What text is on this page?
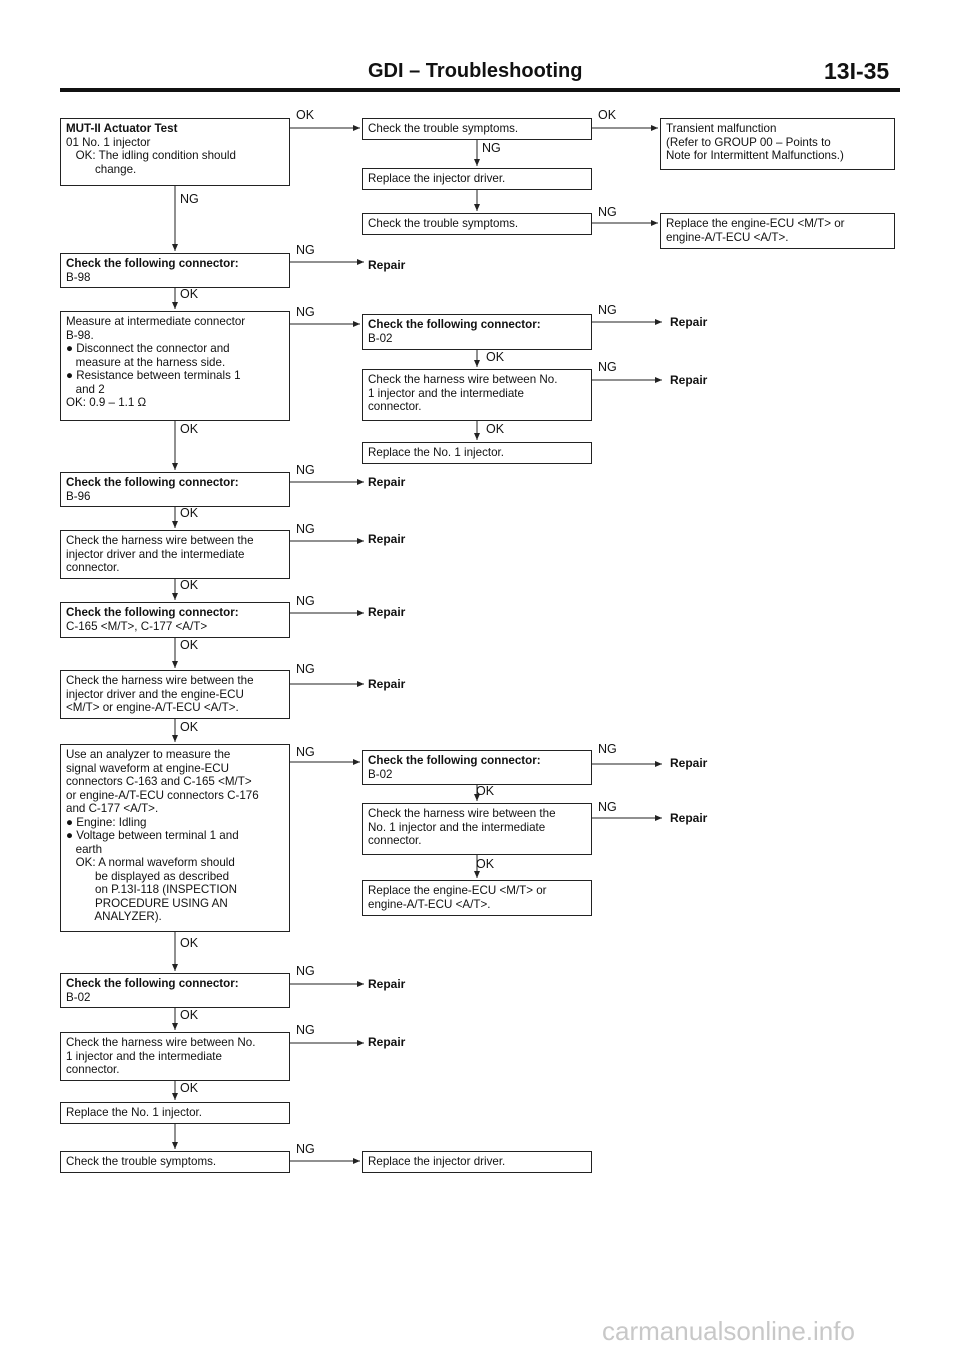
GDI – Troubleshooting	13I-35
MUT-II Actuator Test
01 No. 1 injector
OK: The idling condition should
change.
Check the trouble symptoms.	Transient malfunction
(Refer to GROUP 00 – Points to
Note for Intermittent Malfunctions.)
Replace the injector driver.
Check the trouble symptoms.	Replace the engine-ECU <M/T> or
engine-A/T-ECU <A/T>.
Check the following connector:
B-98
Measure at intermediate connector
B-98.
● Disconnect the connector and
measure at the harness side.
● Resistance between terminals 1
and 2
OK: 0.9 – 1.1 Ω
Check the following connector:
B-02
Check the harness wire between No.
1 injector and the intermediate
connector.
Replace the No. 1 injector.
Check the following connector:
B-96
Check the harness wire between the
injector driver and the intermediate
connector.
Check the following connector:
C-165 <M/T>, C-177 <A/T>
Check the harness wire between the
injector driver and the engine-ECU
<M/T> or engine-A/T-ECU <A/T>.
Use an analyzer to measure the
signal waveform at engine-ECU
connectors C-163 and C-165 <M/T>
or engine-A/T-ECU connectors C-176
and C-177 <A/T>.
● Engine: Idling
● Voltage between terminal 1 and
earth
OK: A normal waveform should
be displayed as described
on P.13I-118 (INSPECTION
PROCEDURE USING AN
ANALYZER).
Check the following connector:
B-02
Check the harness wire between the
No. 1 injector and the intermediate
connector.
Replace the engine-ECU <M/T> or
engine-A/T-ECU <A/T>.
Check the following connector:
B-02
Check the harness wire between No.
1 injector and the intermediate
connector.
Replace the No. 1 injector.
Check the trouble symptoms.	Replace the injector driver.
OK	OK
NG
NG
NG
NG
Repair
OK
NG	NG
Repair
OK
NG
Repair
OK	OK
NG
Repair
OK
NG
Repair
OK
NG
Repair
OK
NG
Repair
OK
NG	NG
Repair
OK
NG
Repair
OK
OK
NG
Repair
OK
NG
Repair
OK
NG
carmanualsonline.info
